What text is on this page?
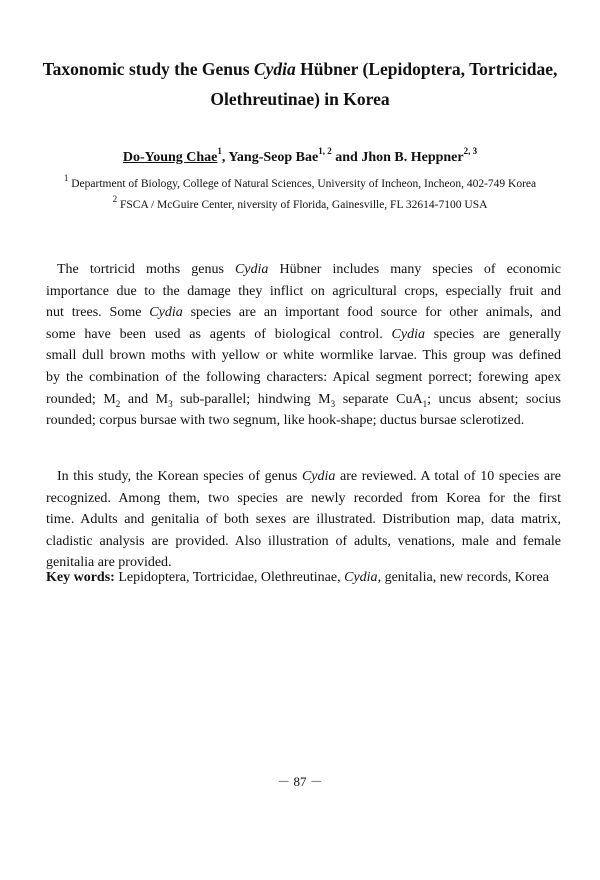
Taxonomic study the Genus Cydia Hübner (Lepidoptera, Tortricidae,
Olethreutinae) in Korea
Do-Young Chae$^1$, Yang-Seop Bae$^{1, 2}$ and Jhon B. Heppner$^{2, 3}$
$^1$ Department of Biology, College of Natural Sciences, University of Incheon, Incheon, 402-749 Korea
$^2$ FSCA / McGuire Center, niversity of Florida, Gainesville, FL 32614-7100 USA
The tortricid moths genus Cydia Hübner includes many species of economic
importance due to the damage they inflict on agricultural crops, especially fruit and
nut trees. Some Cydia species are an important food source for other animals, and
some have been used as agents of biological control. Cydia species are generally
small dull brown moths with yellow or white wormlike larvae. This group was defined
by the combination of the following characters: Apical segment porrect; forewing apex
rounded; $M_2$ and $M_3$ sub-parallel; hindwing $M_3$ separate CuA$_1$; uncus absent; socius
rounded; corpus bursae with two segnum, like hook-shape; ductus bursae sclerotized.
In this study, the Korean species of genus Cydia are reviewed. A total of 10 species are
recognized. Among them, two species are newly recorded from Korea for the first
time. Adults and genitalia of both sexes are illustrated. Distribution map, data matrix,
cladistic analysis are provided. Also illustration of adults, venations, male and female
genitalia are provided.
Key words: Lepidoptera, Tortricidae, Olethreutinae, Cydia, genitalia, new records, Korea
－ 87 －
